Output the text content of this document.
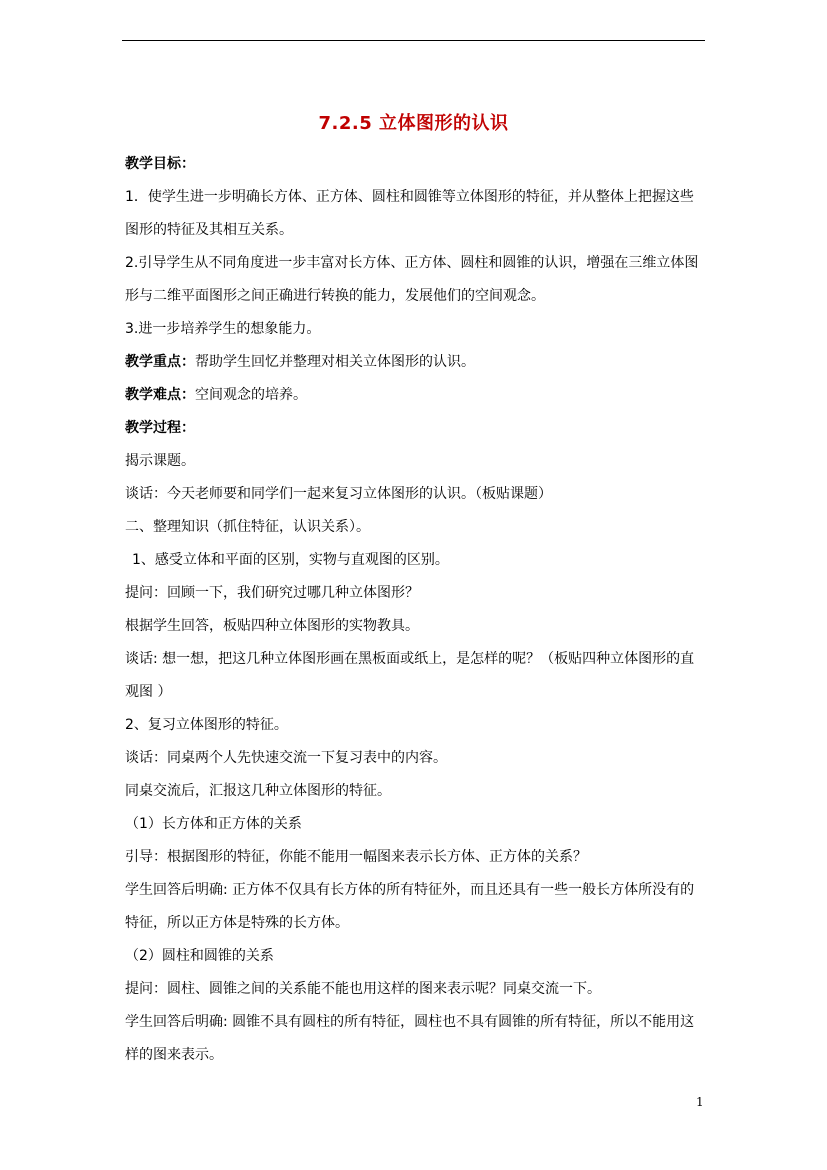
7.2.5 立体图形的认识

教学目标：

1．使学生进一步明确长方体、正方体、圆柱和圆锥等立体图形的特征，并从整体上把握这些图形的特征及其相互关系。

2.引导学生从不同角度进一步丰富对长方体、正方体、圆柱和圆锥的认识，增强在三维立体图形与二维平面图形之间正确进行转换的能力，发展他们的空间观念。

3.进一步培养学生的想象能力。

教学重点：帮助学生回忆并整理对相关立体图形的认识。

教学难点：空间观念的培养。

教学过程：

揭示课题。

谈话：今天老师要和同学们一起来复习立体图形的认识。（板贴课题）

二、整理知识（抓住特征，认识关系）。

1、感受立体和平面的区别，实物与直观图的区别。

提问：回顾一下，我们研究过哪几种立体图形？

根据学生回答，板贴四种立体图形的实物教具。

谈话: 想一想，把这几种立体图形画在黑板面或纸上，是怎样的呢？（板贴四种立体图形的直观图 ）

2、复习立体图形的特征。

谈话：同桌两个人先快速交流一下复习表中的内容。

同桌交流后，汇报这几种立体图形的特征。

（1）长方体和正方体的关系

引导：根据图形的特征，你能不能用一幅图来表示长方体、正方体的关系？

学生回答后明确: 正方体不仅具有长方体的所有特征外，而且还具有一些一般长方体所没有的特征，所以正方体是特殊的长方体。

（2）圆柱和圆锥的关系

提问：圆柱、圆锥之间的关系能不能也用这样的图来表示呢？同桌交流一下。

学生回答后明确: 圆锥不具有圆柱的所有特征，圆柱也不具有圆锥的所有特征，所以不能用这样的图来表示。

1
